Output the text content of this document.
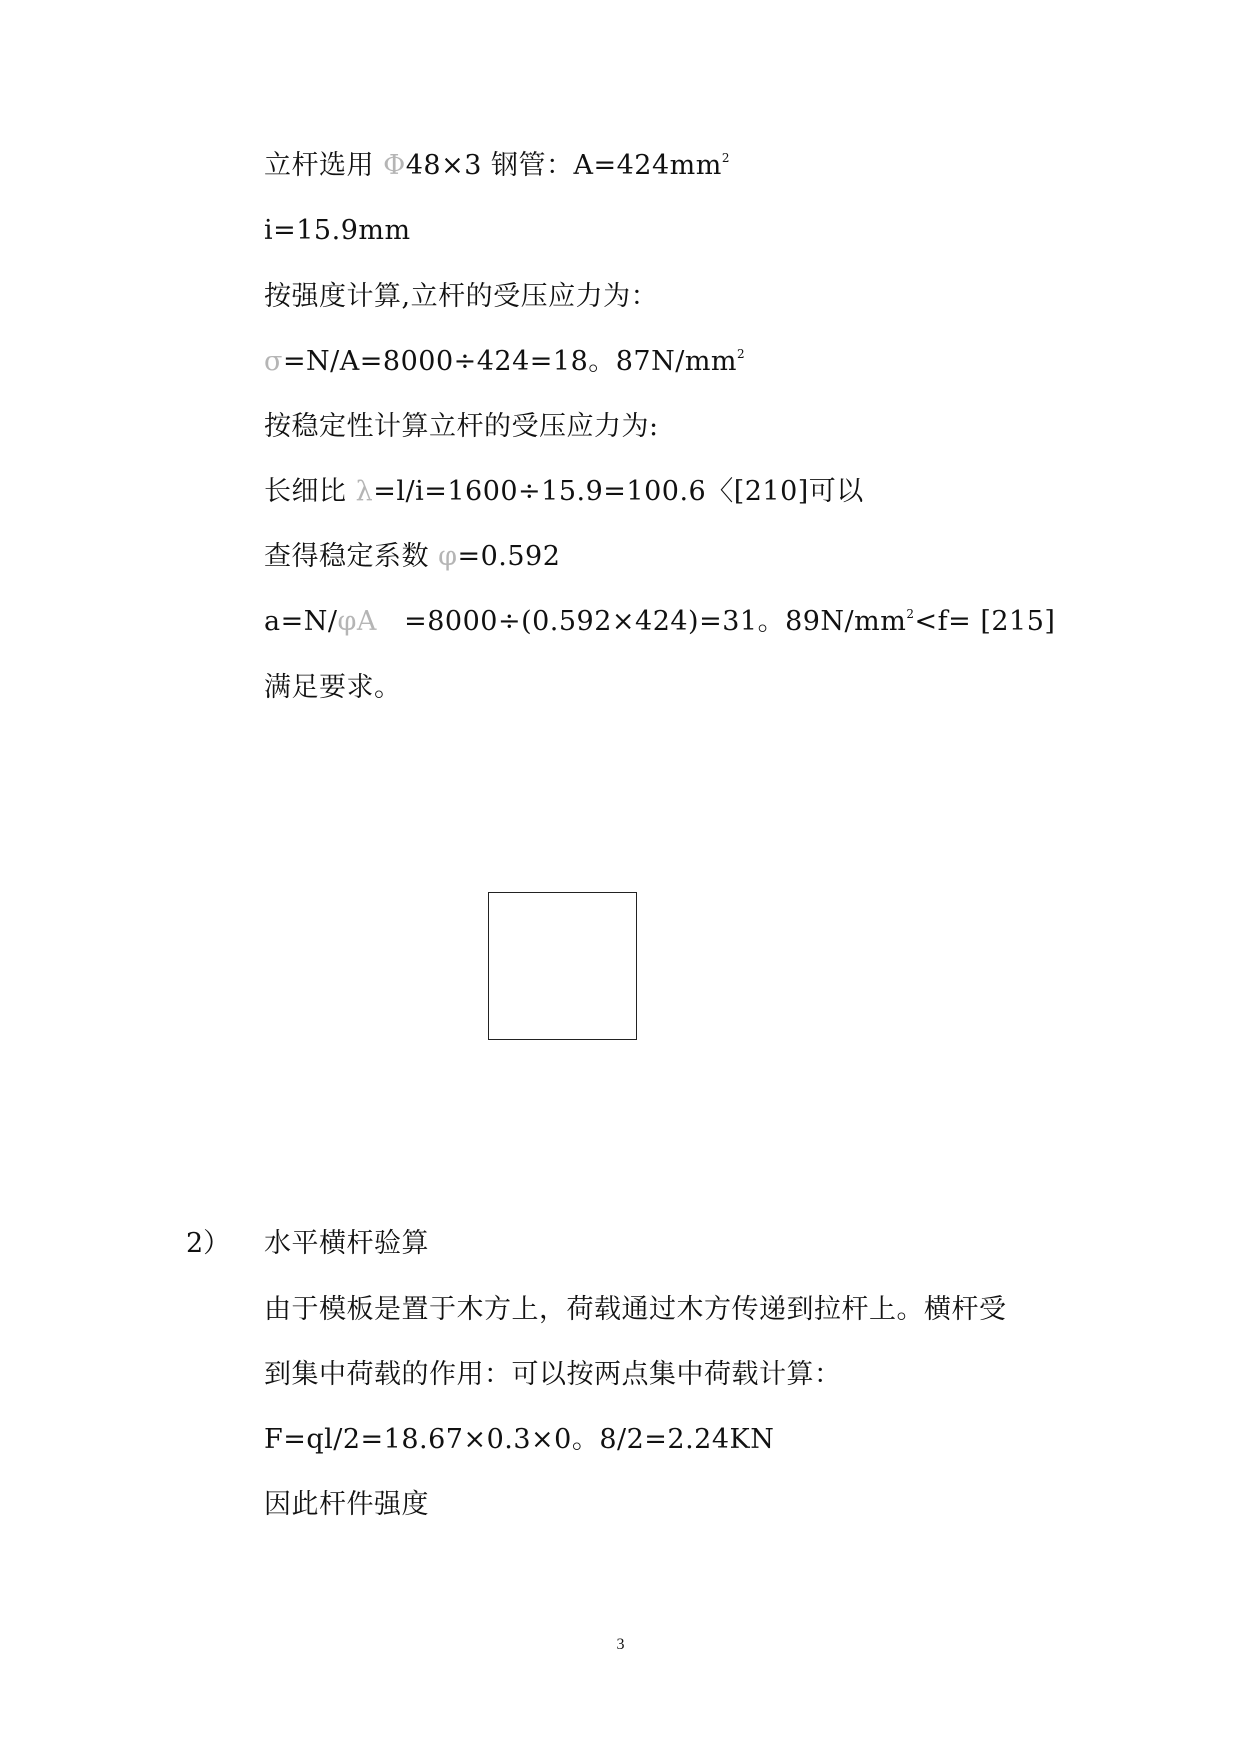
立杆选用 Φ48×3 钢管：$A=424mm^2$
i=15.9mm
按强度计算,立杆的受压应力为：
σ=N/A=8000÷424=18。$87N/mm^2$
按稳定性计算立杆的受压应力为:
长细比 λ=l/i=1600÷15.9=100.6〈[210]可以
查得稳定系数 φ=0.592
a=N/φA =8000÷(0.592×424)=31。$89N/mm^2<f= [215]$
满足要求。
2） 水平横杆验算
由于模板是置于木方上，荷载通过木方传递到拉杆上。横杆受
到集中荷载的作用：可以按两点集中荷载计算：
F=ql/2=18.67×0.3×0。8/2=2.24KN
因此杆件强度
3
